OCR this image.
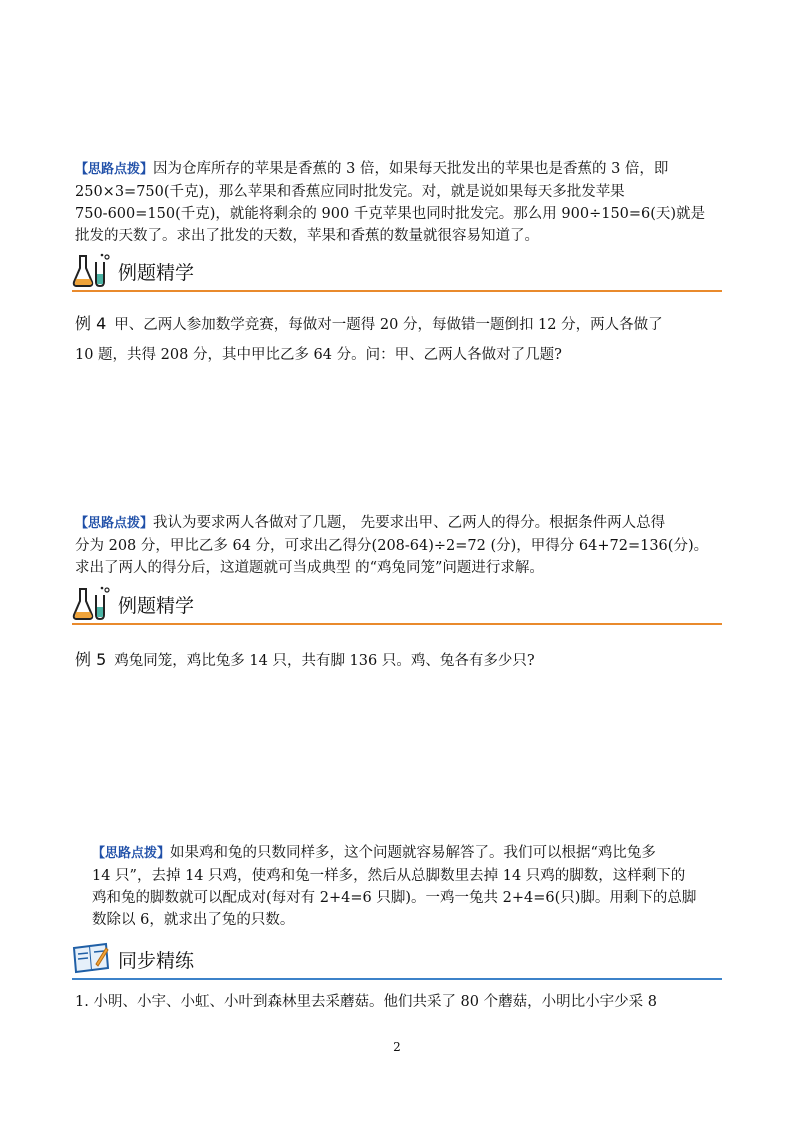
【思路点拨】因为仓库所存的苹果是香蕉的 3 倍，如果每天批发出的苹果也是香蕉的 3 倍，即
250×3=750(千克)，那么苹果和香蕉应同时批发完。对，就是说如果每天多批发苹果
750-600=150(千克)，就能将剩余的 900 千克苹果也同时批发完。那么用 900÷150=6(天)就是
批发的天数了。求出了批发的天数，苹果和香蕉的数量就很容易知道了。
例题精学
例 4 甲、乙两人参加数学竞赛，每做对一题得 20 分，每做错一题倒扣 12 分，两人各做了
10 题，共得 208 分，其中甲比乙多 64 分。问：甲、乙两人各做对了几题?
【思路点拨】我认为要求两人各做对了几题， 先要求出甲、乙两人的得分。根据条件两人总得
分为 208 分，甲比乙多 64 分，可求出乙得分(208-64)÷2=72 (分)，甲得分 64+72=136(分)。
求出了两人的得分后，这道题就可当成典型 的“鸡兔同笼”问题进行求解。
例题精学
例 5 鸡兔同笼，鸡比兔多 14 只，共有脚 136 只。鸡、兔各有多少只?
【思路点拨】如果鸡和兔的只数同样多，这个问题就容易解答了。我们可以根据“鸡比兔多
14 只”，去掉 14 只鸡，使鸡和兔一样多，然后从总脚数里去掉 14 只鸡的脚数，这样剩下的
鸡和兔的脚数就可以配成对(每对有 2+4=6 只脚)。一鸡一兔共 2+4=6(只)脚。用剩下的总脚
数除以 6，就求出了兔的只数。
同步精练
1. 小明、小宇、小虹、小叶到森林里去采蘑菇。他们共采了 80 个蘑菇，小明比小宇少采 8
2
